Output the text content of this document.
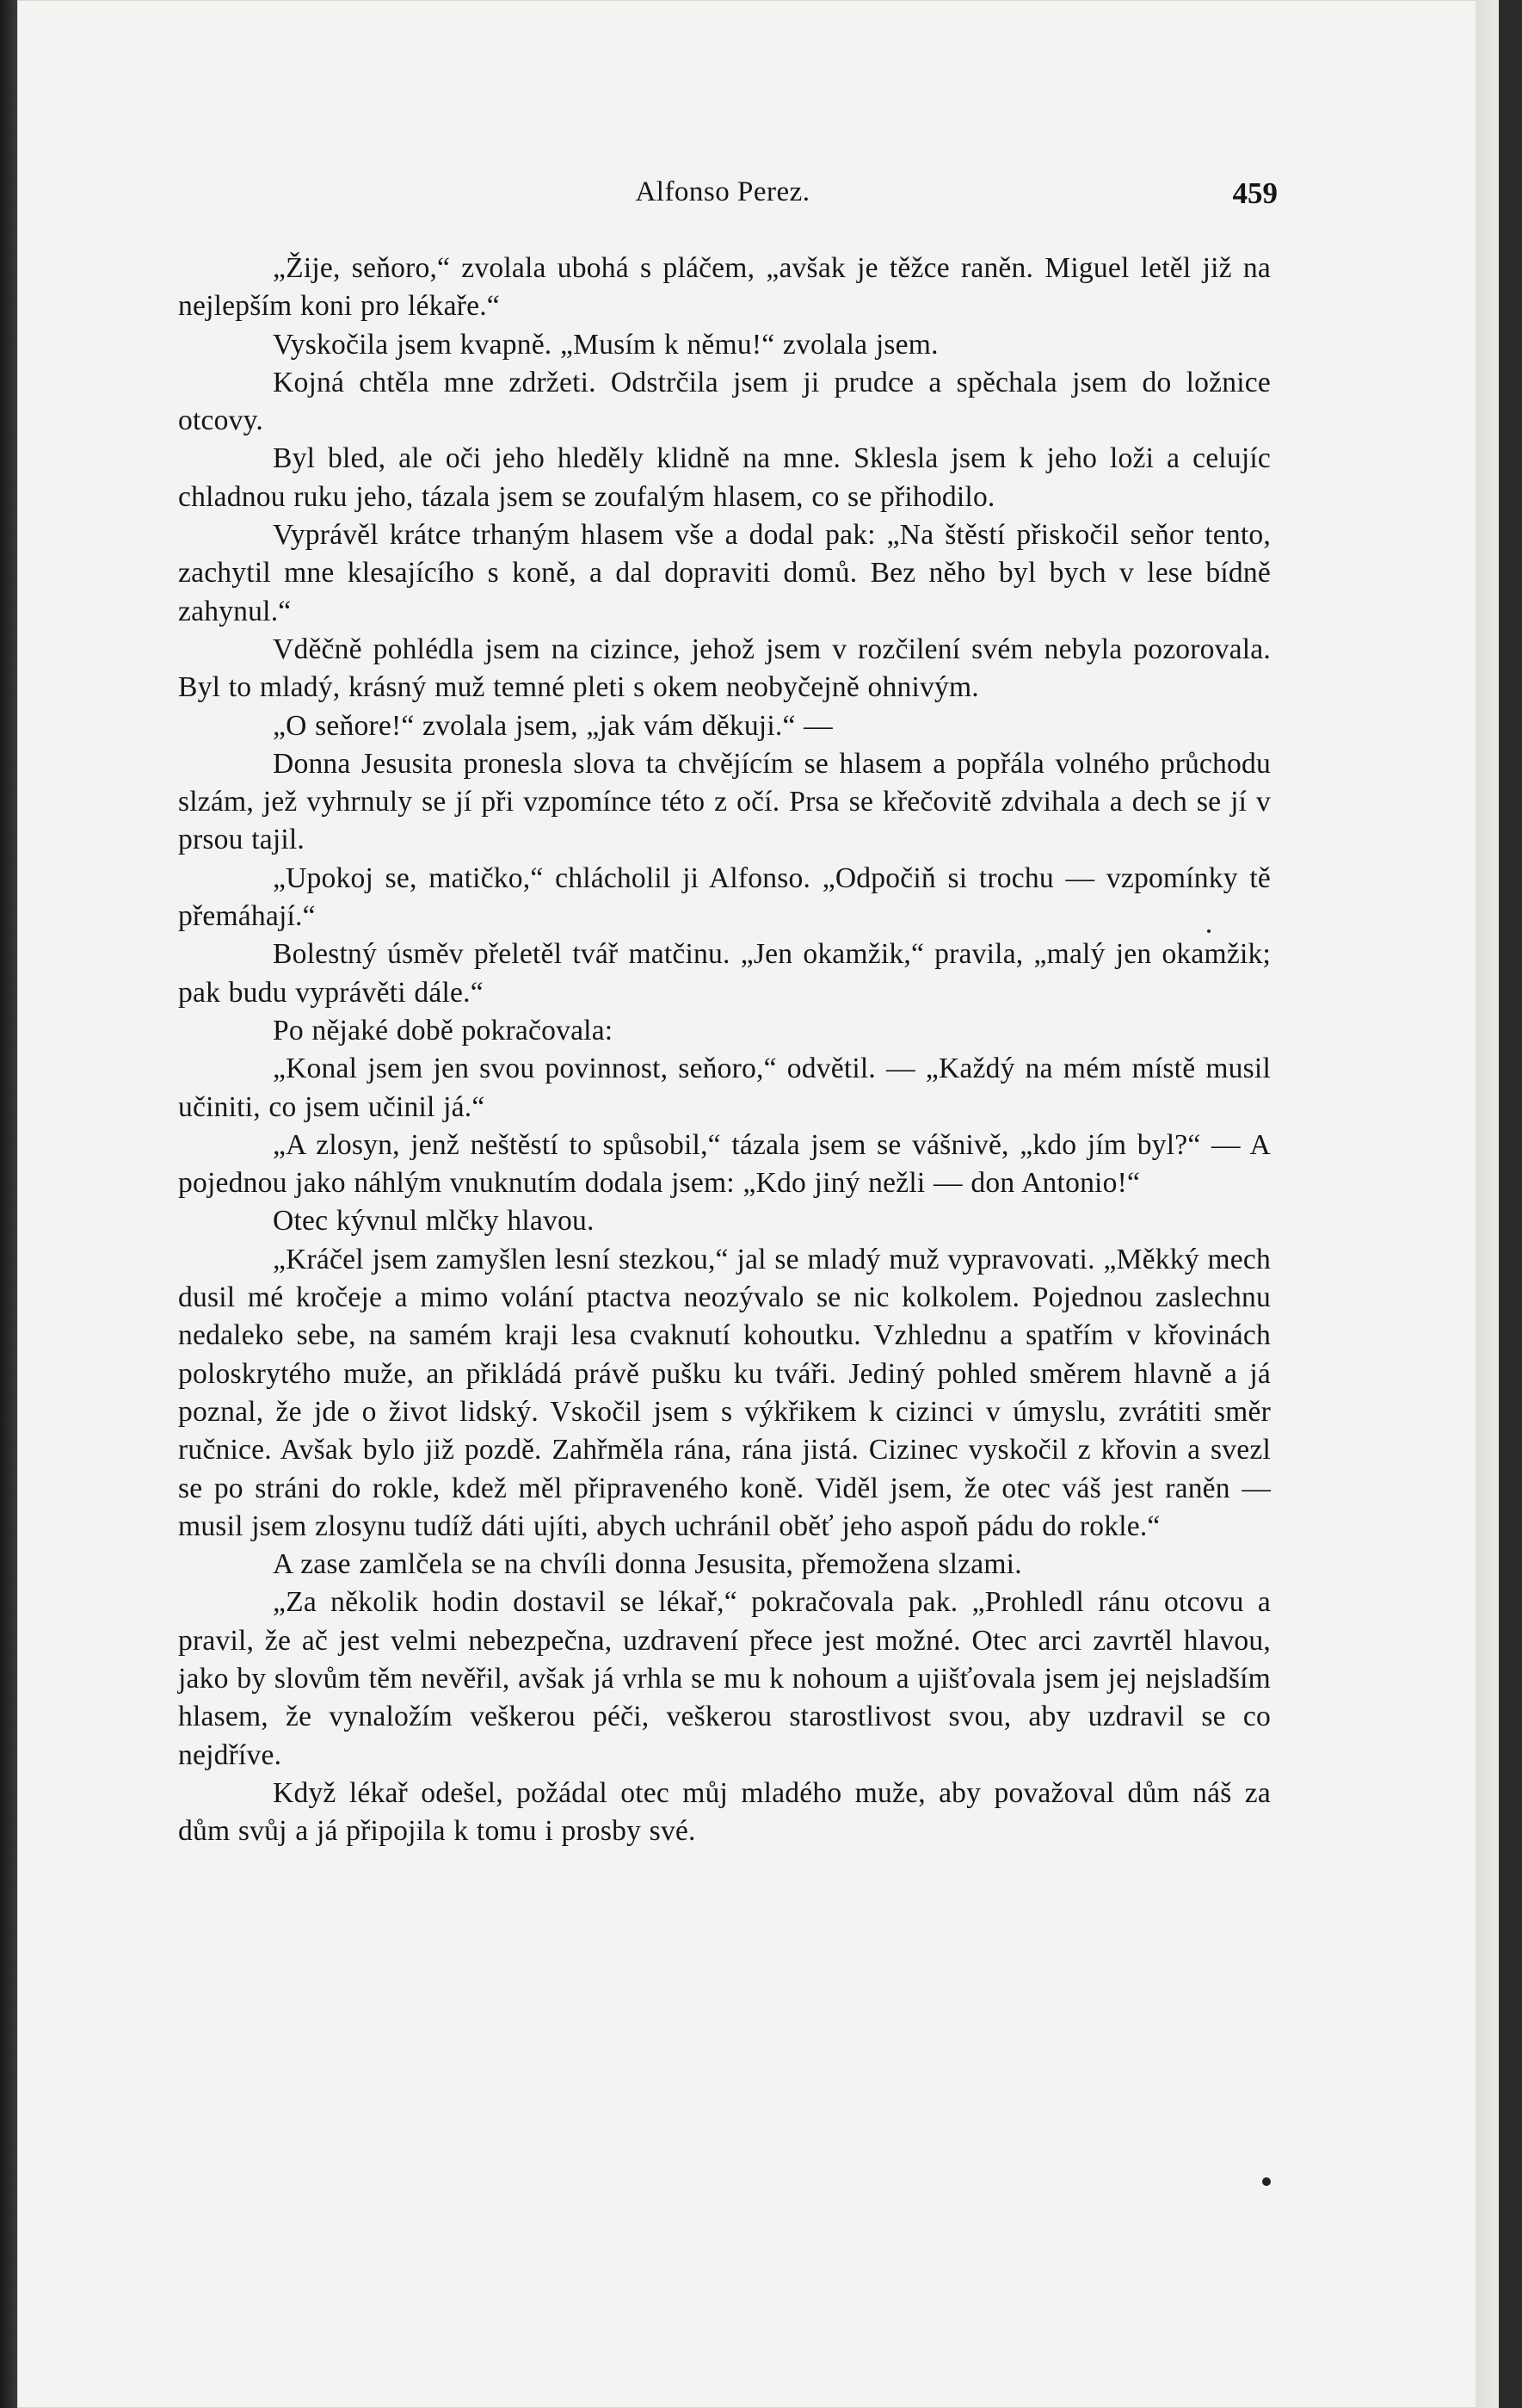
Alfonso Perez.	459

„Žije, seňoro,“ zvolala ubohá s pláčem, „avšak je těžce raněn. Miguel letěl již na nejlepším koni pro lékaře.“

Vyskočila jsem kvapně. „Musím k němu!“ zvolala jsem.

Kojná chtěla mne zdržeti. Odstrčila jsem ji prudce a spěchala jsem do ložnice otcovy.

Byl bled, ale oči jeho hleděly klidně na mne. Sklesla jsem k jeho loži a celujíc chladnou ruku jeho, tázala jsem se zoufalým hlasem, co se přihodilo.

Vyprávěl krátce trhaným hlasem vše a dodal pak: „Na štěstí přiskočil seňor tento, zachytil mne klesajícího s koně, a dal dopraviti domů. Bez něho byl bych v lese bídně zahynul.“

Vděčně pohlédla jsem na cizince, jehož jsem v rozčilení svém nebyla pozorovala. Byl to mladý, krásný muž temné pleti s okem neobyčejně ohnivým.

„O seňore!“ zvolala jsem, „jak vám děkuji.“ —

Donna Jesusita pronesla slova ta chvějícím se hlasem a popřála volného průchodu slzám, jež vyhrnuly se jí při vzpomínce této z očí. Prsa se křečovitě zdvihala a dech se jí v prsou tajil.

„Upokoj se, matičko,“ chlácholil ji Alfonso. „Odpočiň si trochu — vzpomínky tě přemáhají.“

Bolestný úsměv přeletěl tvář matčinu. „Jen okamžik,“ pravila, „malý jen okamžik; pak budu vyprávěti dále.“

Po nějaké době pokračovala:

„Konal jsem jen svou povinnost, seňoro,“ odvětil. — „Každý na mém místě musil učiniti, co jsem učinil já.“

„A zlosyn, jenž neštěstí to spůsobil,“ tázala jsem se vášnivě, „kdo jím byl?“ — A pojednou jako náhlým vnuknutím dodala jsem: „Kdo jiný nežli — don Antonio!“

Otec kývnul mlčky hlavou.

„Kráčel jsem zamyšlen lesní stezkou,“ jal se mladý muž vypravovati. „Měkký mech dusil mé kročeje a mimo volání ptactva neozývalo se nic kolkolem. Pojednou zaslechnu nedaleko sebe, na samém kraji lesa cvaknutí kohoutku. Vzhlednu a spatřím v křovinách poloskrytého muže, an přikládá právě pušku ku tváři. Jediný pohled směrem hlavně a já poznal, že jde o život lidský. Vskočil jsem s výkřikem k cizinci v úmyslu, zvrátiti směr ručnice. Avšak bylo již pozdě. Zahřměla rána, rána jistá. Cizinec vyskočil z křovin a svezl se po stráni do rokle, kdež měl připraveného koně. Viděl jsem, že otec váš jest raněn — musil jsem zlosynu tudíž dáti ujíti, abych uchránil oběť jeho aspoň pádu do rokle.“

A zase zamlčela se na chvíli donna Jesusita, přemožena slzami.

„Za několik hodin dostavil se lékař,“ pokračovala pak. „Prohledl ránu otcovu a pravil, že ač jest velmi nebezpečna, uzdravení přece jest možné. Otec arci zavrtěl hlavou, jako by slovům těm nevěřil, avšak já vrhla se mu k nohoum a ujišťovala jsem jej nejsladším hlasem, že vynaložím veškerou péči, veškerou starostlivost svou, aby uzdravil se co nejdříve.

Když lékař odešel, požádal otec můj mladého muže, aby považoval dům náš za dům svůj a já připojila k tomu i prosby své.
